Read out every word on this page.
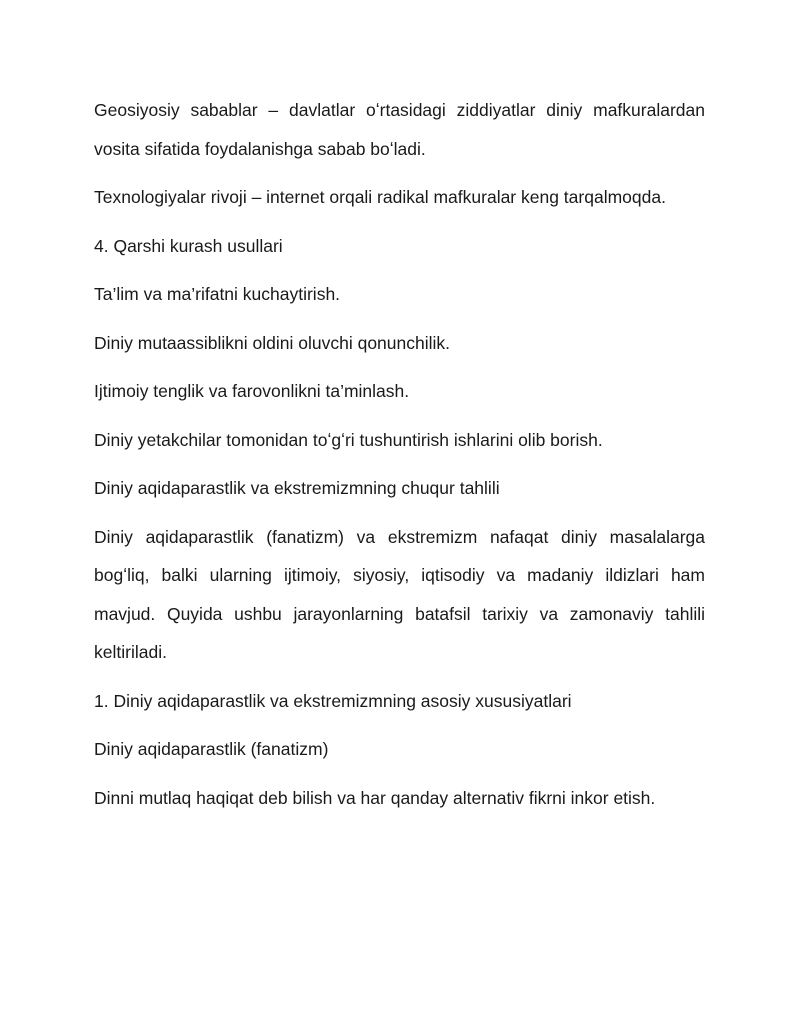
Geosiyosiy sabablar – davlatlar oʻrtasidagi ziddiyatlar diniy mafkuralardan vosita sifatida foydalanishga sabab boʻladi.

Texnologiyalar rivoji – internet orqali radikal mafkuralar keng tarqalmoqda.

4. Qarshi kurash usullari

Ta’lim va ma’rifatni kuchaytirish.

Diniy mutaassiblikni oldini oluvchi qonunchilik.

Ijtimoiy tenglik va farovonlikni ta’minlash.

Diniy yetakchilar tomonidan toʻgʻri tushuntirish ishlarini olib borish.

Diniy aqidaparastlik va ekstremizmning chuqur tahlili

Diniy aqidaparastlik (fanatizm) va ekstremizm nafaqat diniy masalalarga bogʻliq, balki ularning ijtimoiy, siyosiy, iqtisodiy va madaniy ildizlari ham mavjud. Quyida ushbu jarayonlarning batafsil tarixiy va zamonaviy tahlili keltiriladi.

1. Diniy aqidaparastlik va ekstremizmning asosiy xususiyatlari

Diniy aqidaparastlik (fanatizm)

Dinni mutlaq haqiqat deb bilish va har qanday alternativ fikrni inkor etish.
